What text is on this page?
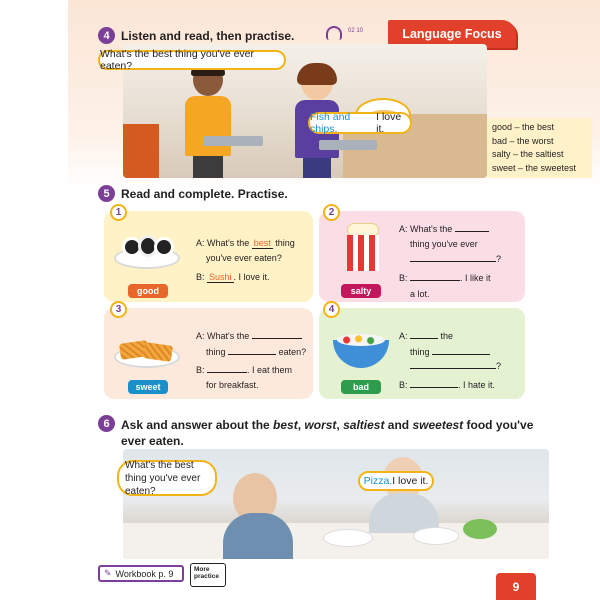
4 Listen and read, then practise.	02 10	Language Focus
What's the best thing you've ever eaten?
Fish and chips.
I love it.	good – the best
bad – the worst
salty – the saltiest
sweet – the sweetest
5 Read and complete. Practise.
1
good
A: What's the best thing
you've ever eaten?
B: Sushi . I love it.
2
salty
A: What's the
thing you've ever
?
B:	. I like it
a lot.
3
sweet
A: What's the
thing	eaten?
B:	. I eat them
for breakfast.
4
bad
A:	the
thing
?
B:	. I hate it.
6 Ask and answer about the best, worst, saltiest and sweetest food you've
ever eaten.
What's the best thing you've ever eaten?
Pizza. I love it.
✎ Workbook p. 9	More practice
9
